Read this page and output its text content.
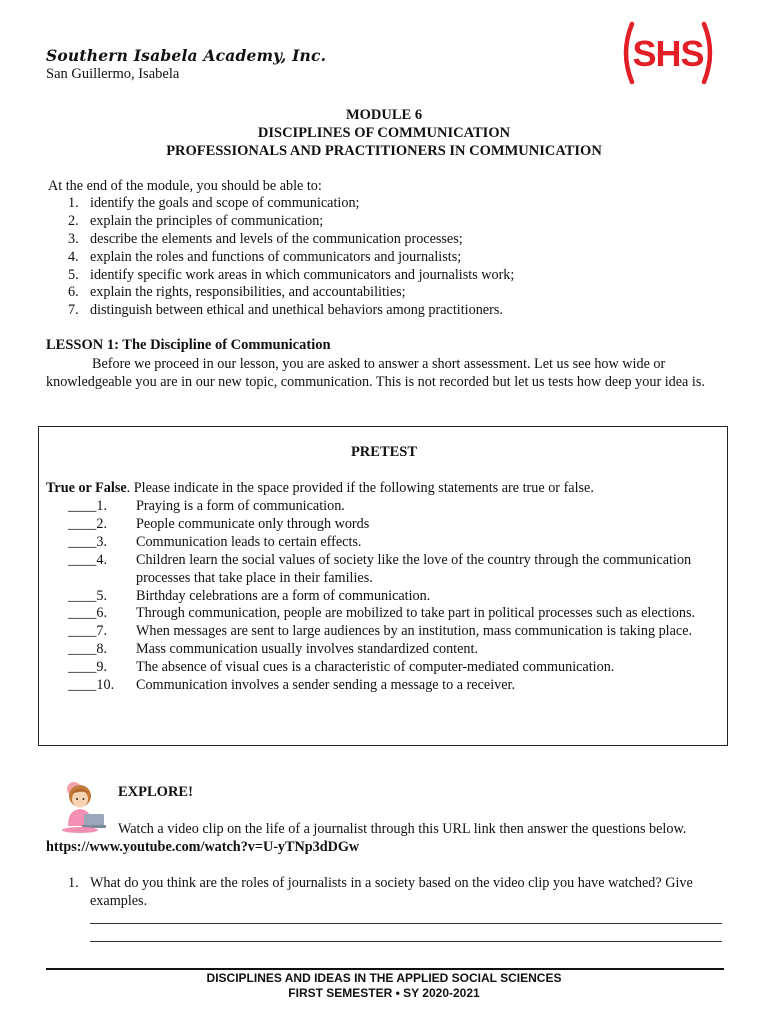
Southern Isabela Academy, Inc.
San Guillermo, Isabela	SHS
MODULE 6
DISCIPLINES OF COMMUNICATION
PROFESSIONALS AND PRACTITIONERS IN COMMUNICATION
At the end of the module, you should be able to:
1. identify the goals and scope of communication;
2. explain the principles of communication;
3. describe the elements and levels of the communication processes;
4. explain the roles and functions of communicators and journalists;
5. identify specific work areas in which communicators and journalists work;
6. explain the rights, responsibilities, and accountabilities;
7. distinguish between ethical and unethical behaviors among practitioners.
LESSON 1: The Discipline of Communication
Before we proceed in our lesson, you are asked to answer a short assessment. Let us see how wide or knowledgeable you are in our new topic, communication. This is not recorded but let us tests how deep your idea is.
PRETEST
True or False. Please indicate in the space provided if the following statements are true or false.
____1.	Praying is a form of communication.
____2.	People communicate only through words
____3.	Communication leads to certain effects.
____4.	Children learn the social values of society like the love of the country through the communication processes that take place in their families.
____5.	Birthday celebrations are a form of communication.
____6.	Through communication, people are mobilized to take part in political processes such as elections.
____7.	When messages are sent to large audiences by an institution, mass communication is taking place.
____8.	Mass communication usually involves standardized content.
____9.	The absence of visual cues is a characteristic of computer-mediated communication.
____10.	Communication involves a sender sending a message to a receiver.
EXPLORE!
Watch a video clip on the life of a journalist through this URL link then answer the questions below.  https://www.youtube.com/watch?v=U-yTNp3dDGw
1. What do you think are the roles of journalists in a society based on the video clip you have watched? Give examples.
DISCIPLINES AND IDEAS IN THE APPLIED SOCIAL SCIENCES
FIRST SEMESTER • SY 2020-2021
